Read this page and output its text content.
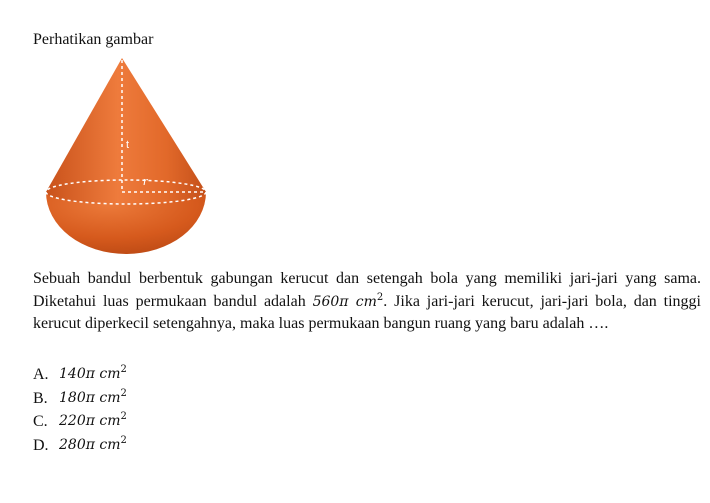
Perhatikan gambar
t
r
Sebuah bandul berbentuk gabungan kerucut dan setengah bola yang memiliki jari-jari yang sama. Diketahui luas permukaan bandul adalah 560π $cm^2$. Jika jari-jari kerucut, jari-jari bola, dan tinggi kerucut diperkecil setengahnya, maka luas permukaan bangun ruang yang baru adalah ….
A. 140π $cm^2$
B. 180π $cm^2$
C. 220π $cm^2$
D. 280π $cm^2$
